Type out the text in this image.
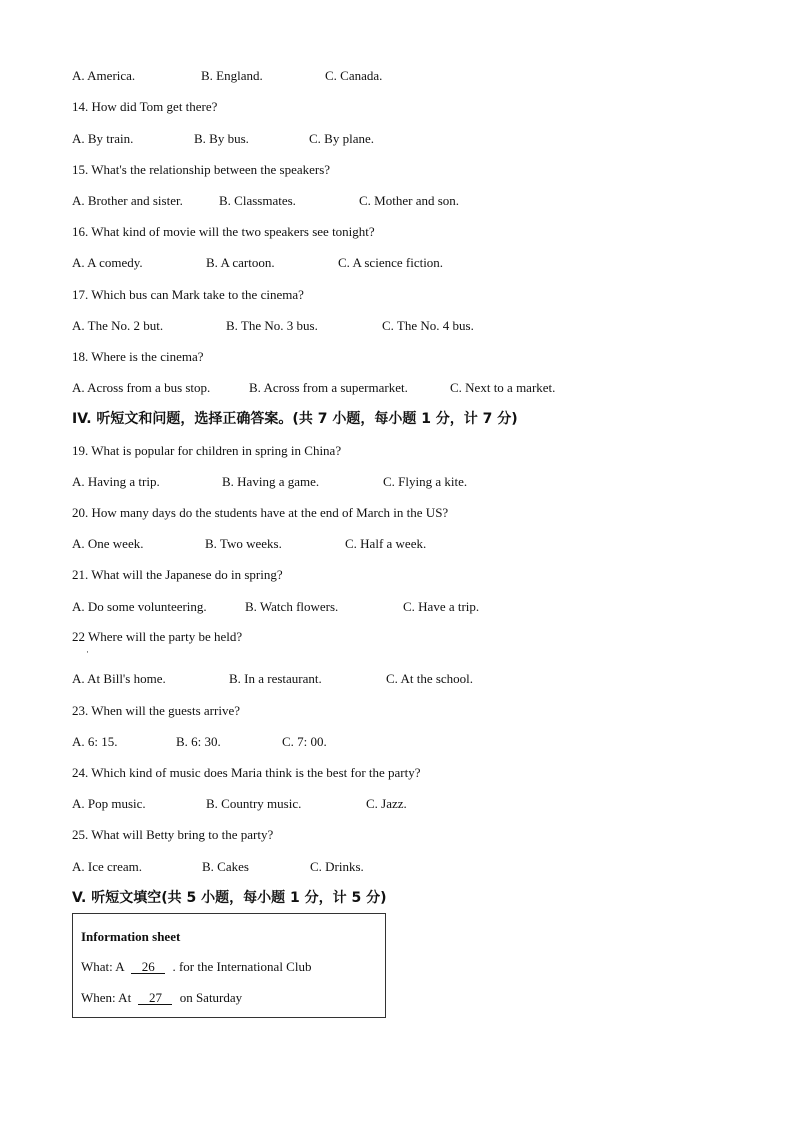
A. America.	B. England.	C. Canada.
14. How did Tom get there?
A. By train.	B. By bus.	C. By plane.
15. What's the relationship between the speakers?
A. Brother and sister.	B. Classmates.	C. Mother and son.
16. What kind of movie will the two speakers see tonight?
A. A comedy.	B. A cartoon.	C. A science fiction.
17. Which bus can Mark take to the cinema?
A. The No. 2 but.	B. The No. 3 bus.	C. The No. 4 bus.
18. Where is the cinema?
A. Across from a bus stop.	B. Across from a supermarket.	C. Next to a market.
IV. 听短文和问题，选择正确答案。(共 7 小题，每小题 1 分，计 7 分)
19. What is popular for children in spring in China?
A. Having a trip.	B. Having a game.	C. Flying a kite.
20. How many days do the students have at the end of March in the US?
A. One week.	B. Two weeks.	C. Half a week.
21. What will the Japanese do in spring?
A. Do some volunteering.	B. Watch flowers.	C. Have a trip.
22 Where will the party be held?
·
A. At Bill's home.	B. In a restaurant.	C. At the school.
23. When will the guests arrive?
A. 6: 15.	B. 6: 30.	C. 7: 00.
24. Which kind of music does Maria think is the best for the party?
A. Pop music.	B. Country music.	C. Jazz.
25. What will Betty bring to the party?
A. Ice cream.	B. Cakes	C. Drinks.
V. 听短文填空(共 5 小题，每小题 1 分，计 5 分)
Information sheet
What: A 26 . for the International Club
When: At 27 on Saturday
